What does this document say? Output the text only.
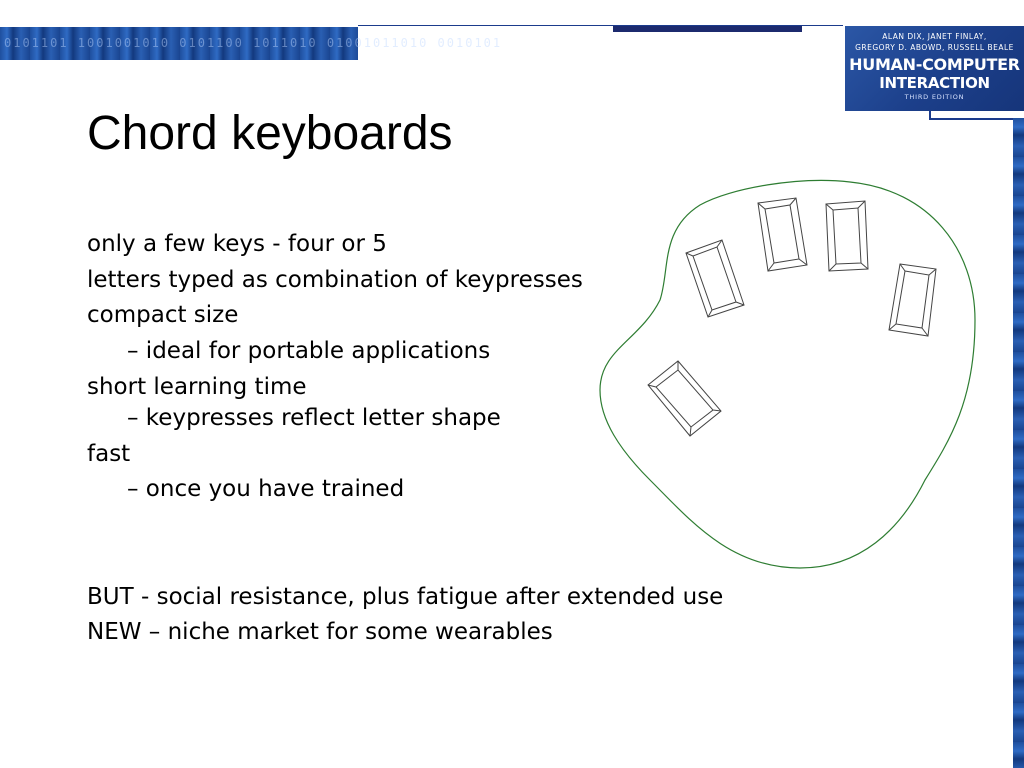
0101101 1001001010 0101100 1011010 01001011010 0010101	ALAN DIX, JANET FINLAY,
GREGORY D. ABOWD, RUSSELL BEALE
HUMAN-COMPUTER
INTERACTION
THIRD EDITION
Chord keyboards
only a few keys - four or 5
letters typed as combination of keypresses
compact size
– ideal for portable applications
short learning time
– keypresses reflect letter shape
fast
– once you have trained
BUT - social resistance, plus fatigue after extended use
NEW – niche market for some wearables
